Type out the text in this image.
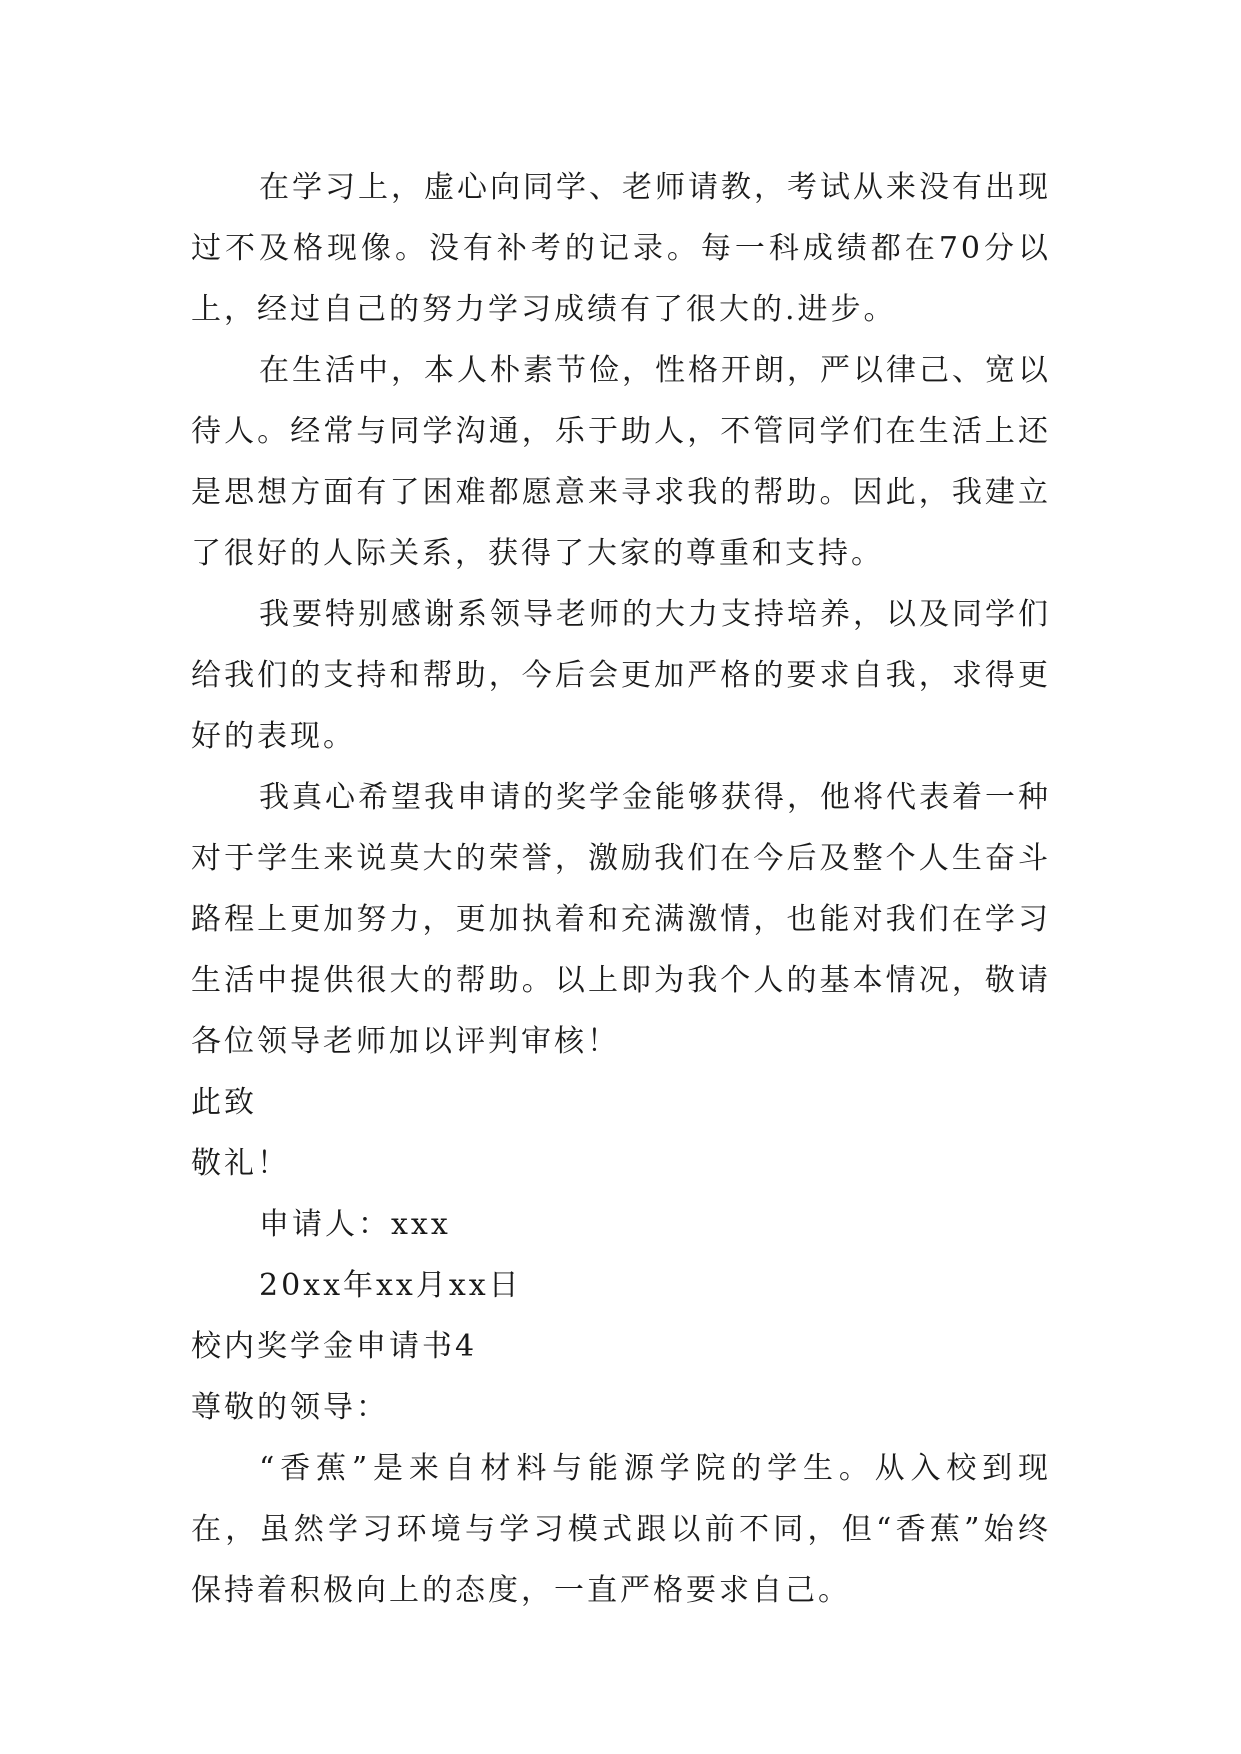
在学习上，虚心向同学、老师请教，考试从来没有出现过不及格现像。没有补考的记录。每一科成绩都在70分以上，经过自己的努力学习成绩有了很大的.进步。

在生活中，本人朴素节俭，性格开朗，严以律己、宽以待人。经常与同学沟通，乐于助人，不管同学们在生活上还是思想方面有了困难都愿意来寻求我的帮助。因此，我建立了很好的人际关系，获得了大家的尊重和支持。

我要特别感谢系领导老师的大力支持培养，以及同学们给我们的支持和帮助，今后会更加严格的要求自我，求得更好的表现。

我真心希望我申请的奖学金能够获得，他将代表着一种对于学生来说莫大的荣誉，激励我们在今后及整个人生奋斗路程上更加努力，更加执着和充满激情，也能对我们在学习生活中提供很大的帮助。以上即为我个人的基本情况，敬请各位领导老师加以评判审核！

此致

敬礼！

申请人：xxx

20xx年xx月xx日

校内奖学金申请书4

尊敬的领导：

“香蕉”是来自材料与能源学院的学生。从入校到现在，虽然学习环境与学习模式跟以前不同，但“香蕉”始终保持着积极向上的态度，一直严格要求自己。
